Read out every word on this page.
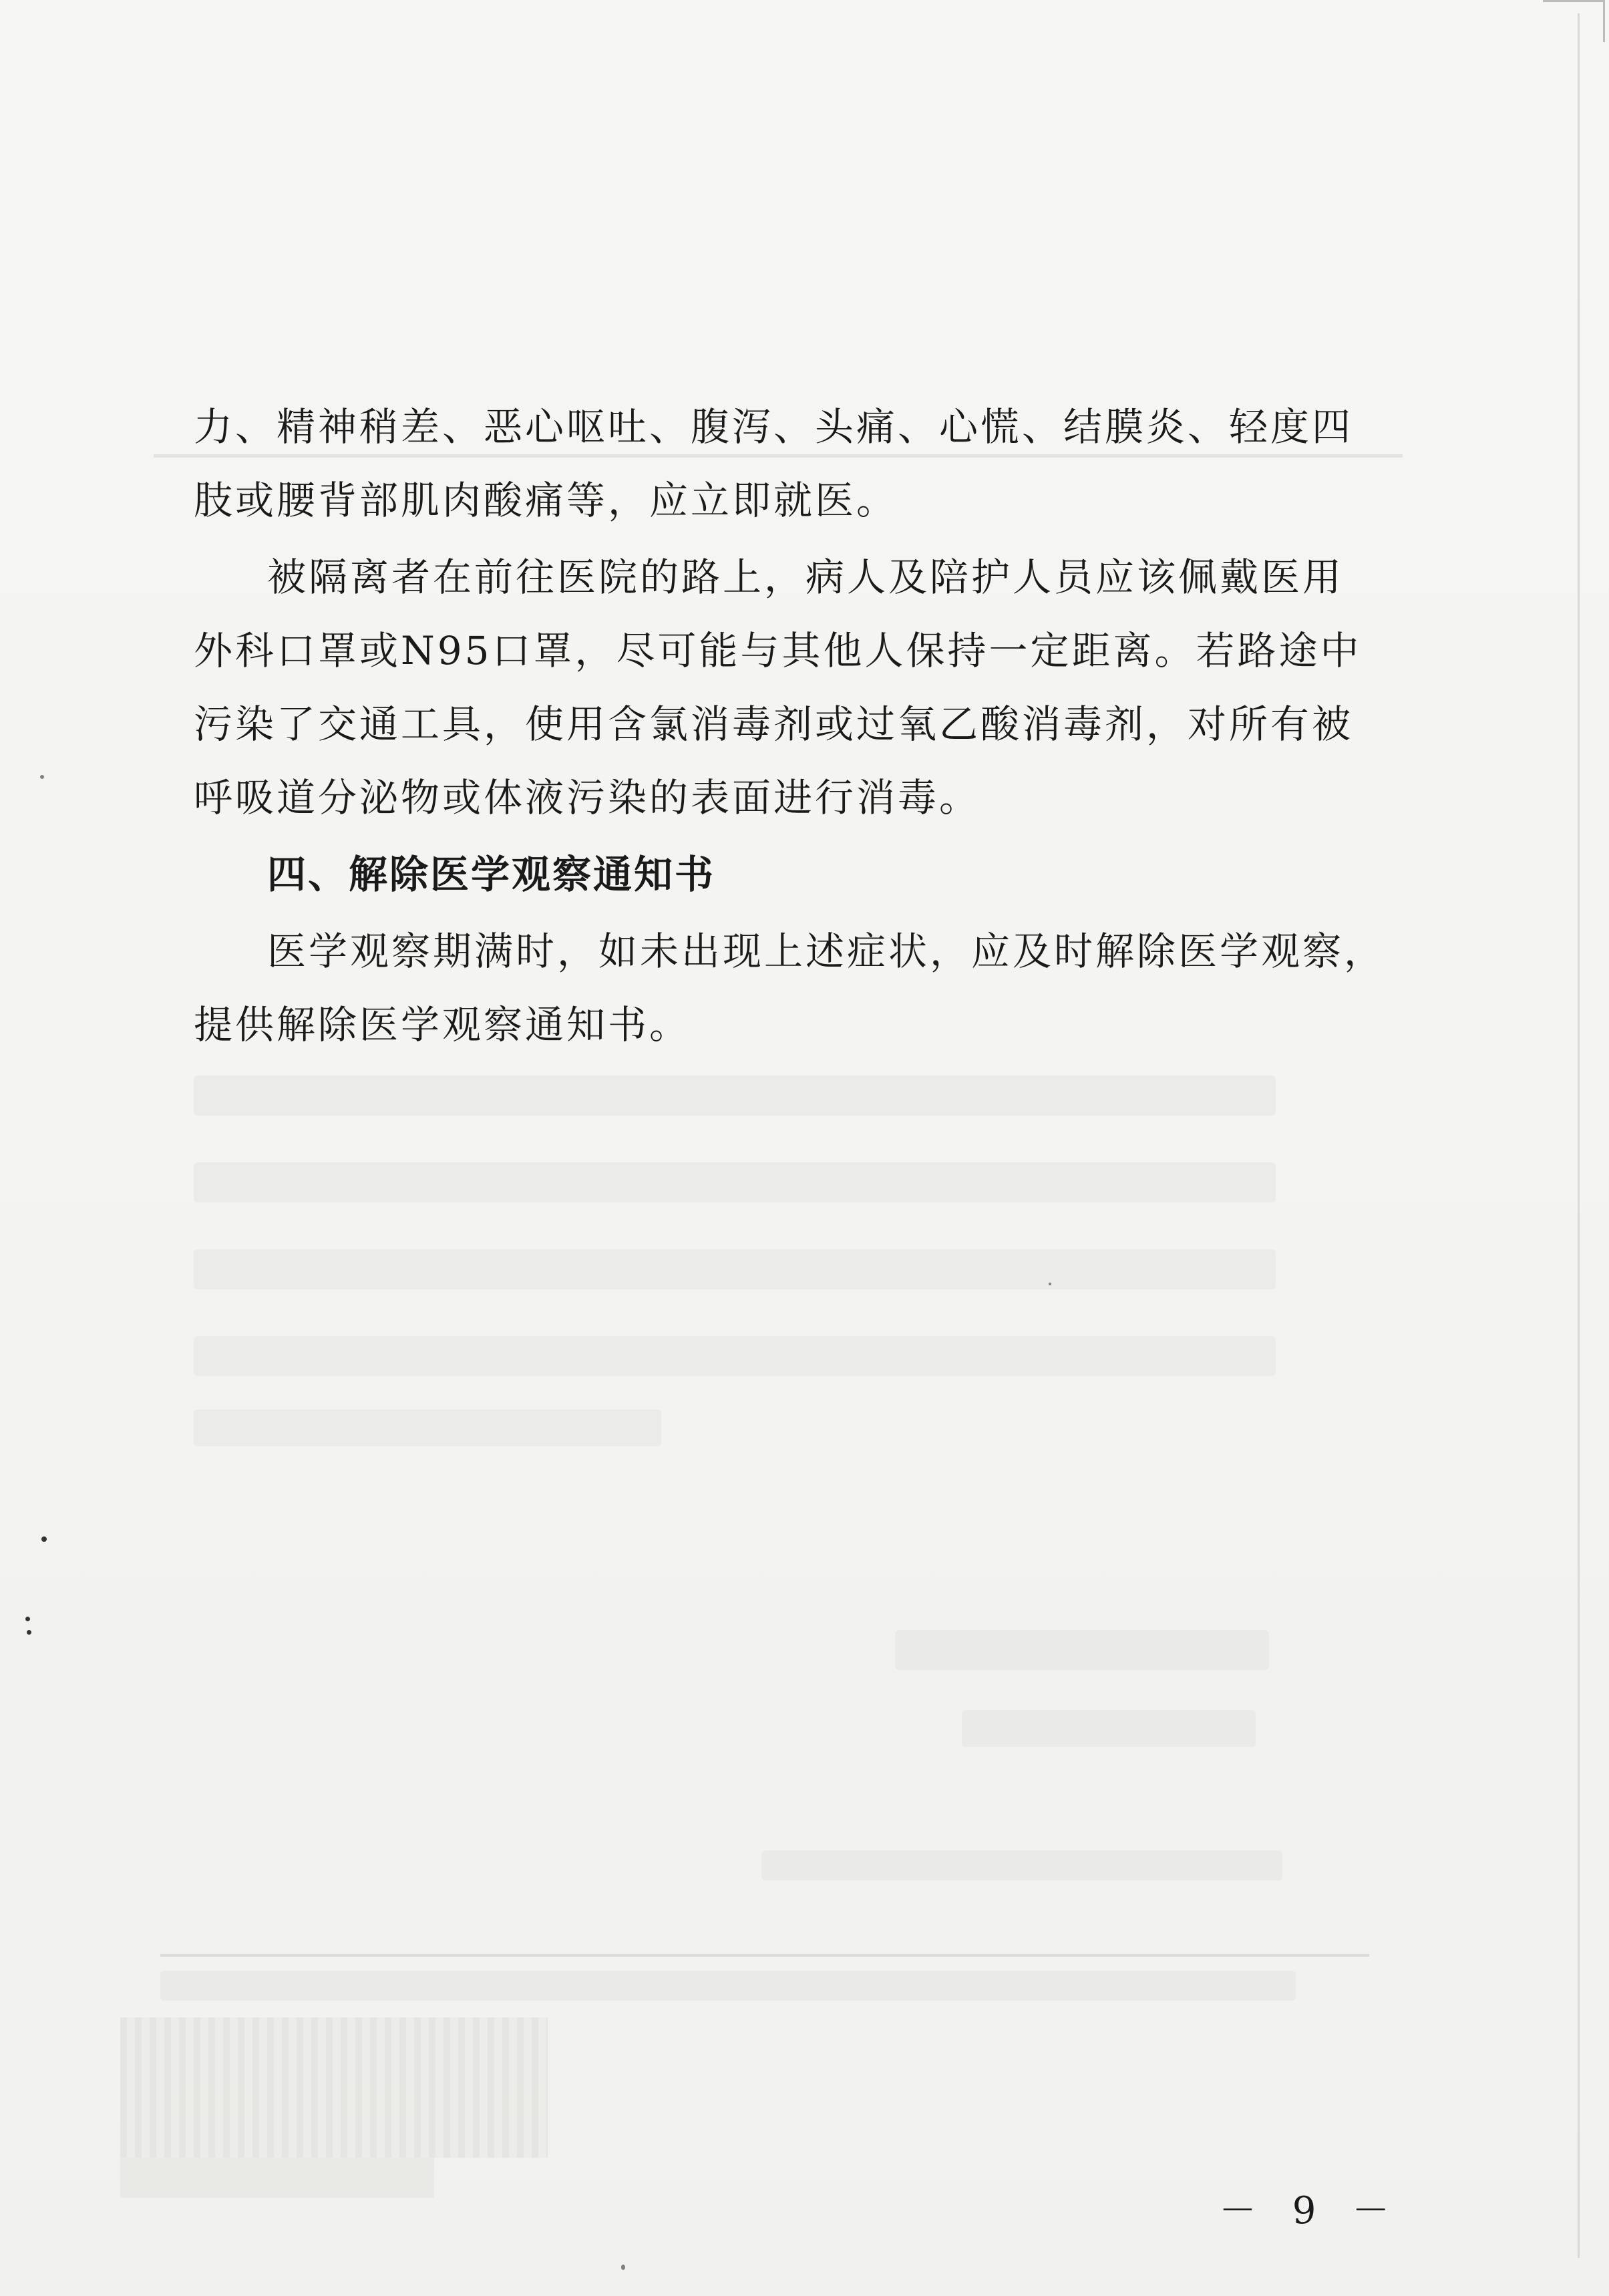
力、精神稍差、恶心呕吐、腹泻、头痛、心慌、结膜炎、轻度四
肢或腰背部肌肉酸痛等，应立即就医。
被隔离者在前往医院的路上，病人及陪护人员应该佩戴医用
外科口罩或N95口罩，尽可能与其他人保持一定距离。若路途中
污染了交通工具，使用含氯消毒剂或过氧乙酸消毒剂，对所有被
呼吸道分泌物或体液污染的表面进行消毒。
四、解除医学观察通知书
医学观察期满时，如未出现上述症状，应及时解除医学观察，
提供解除医学观察通知书。
－ 9 －
